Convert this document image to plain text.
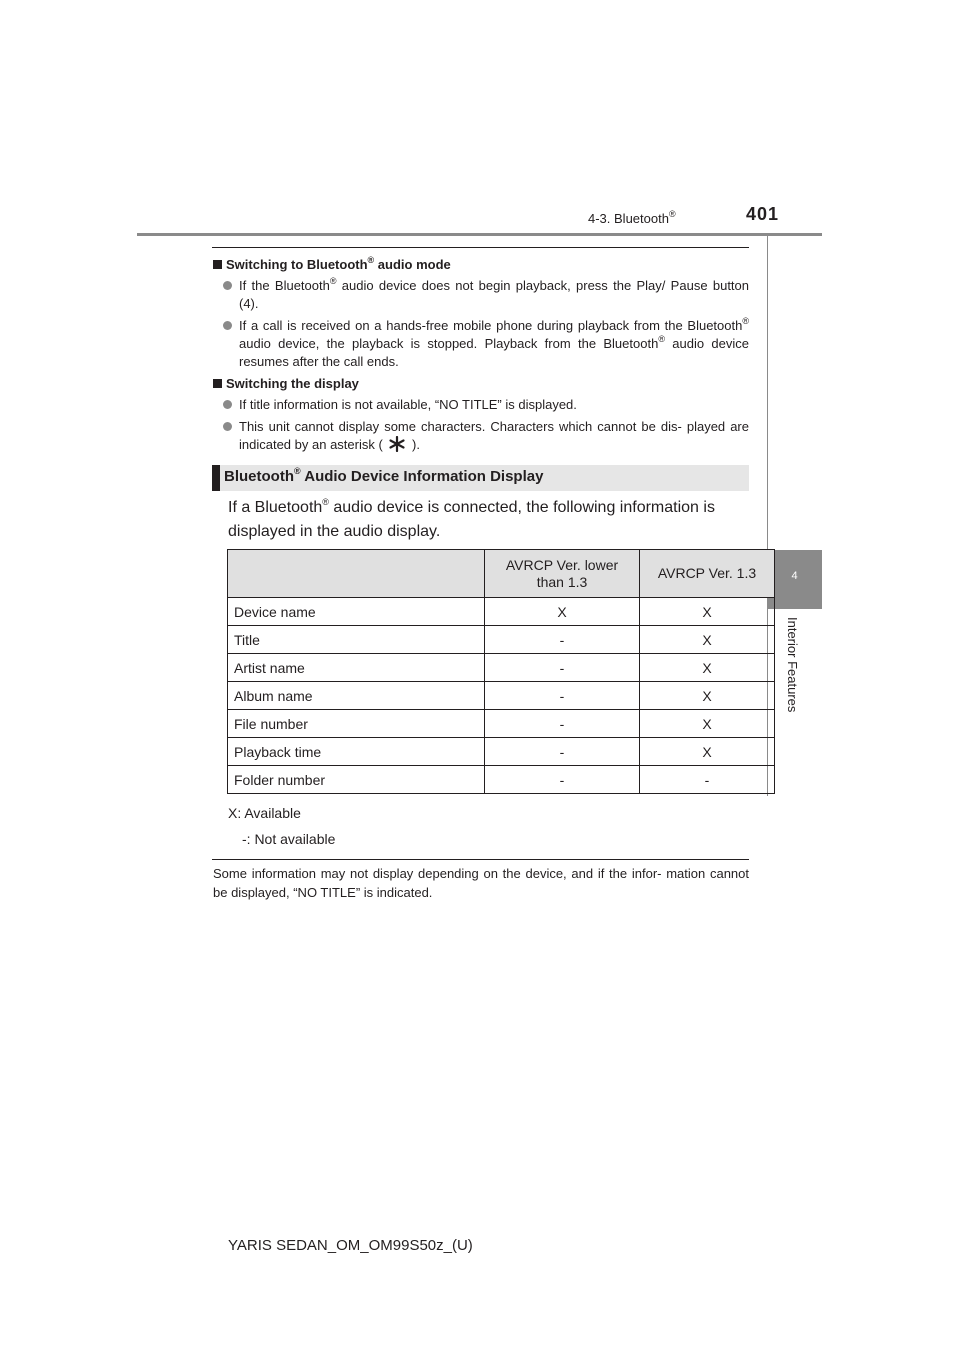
4-3. Bluetooth®	401
4
Interior Features
Switching to Bluetooth® audio mode
If the Bluetooth® audio device does not begin playback, press the Play/ Pause button (4).
If a call is received on a hands-free mobile phone during playback from the Bluetooth® audio device, the playback is stopped. Playback from the Bluetooth® audio device resumes after the call ends.
Switching the display
If title information is not available, “NO TITLE” is displayed.
This unit cannot display some characters. Characters which cannot be dis- played are indicated by an asterisk (  ).
Bluetooth® Audio Device Information Display
If a Bluetooth® audio device is connected, the following information is displayed in the audio display.
	AVRCP Ver. lower than 1.3	AVRCP Ver. 1.3
Device name	X	X
Title	-	X
Artist name	-	X
Album name	-	X
File number	-	X
Playback time	-	X
Folder number	-	-
X: Available
-: Not available
Some information may not display depending on the device, and if the infor- mation cannot be displayed, “NO TITLE” is indicated.
YARIS SEDAN_OM_OM99S50z_(U)
